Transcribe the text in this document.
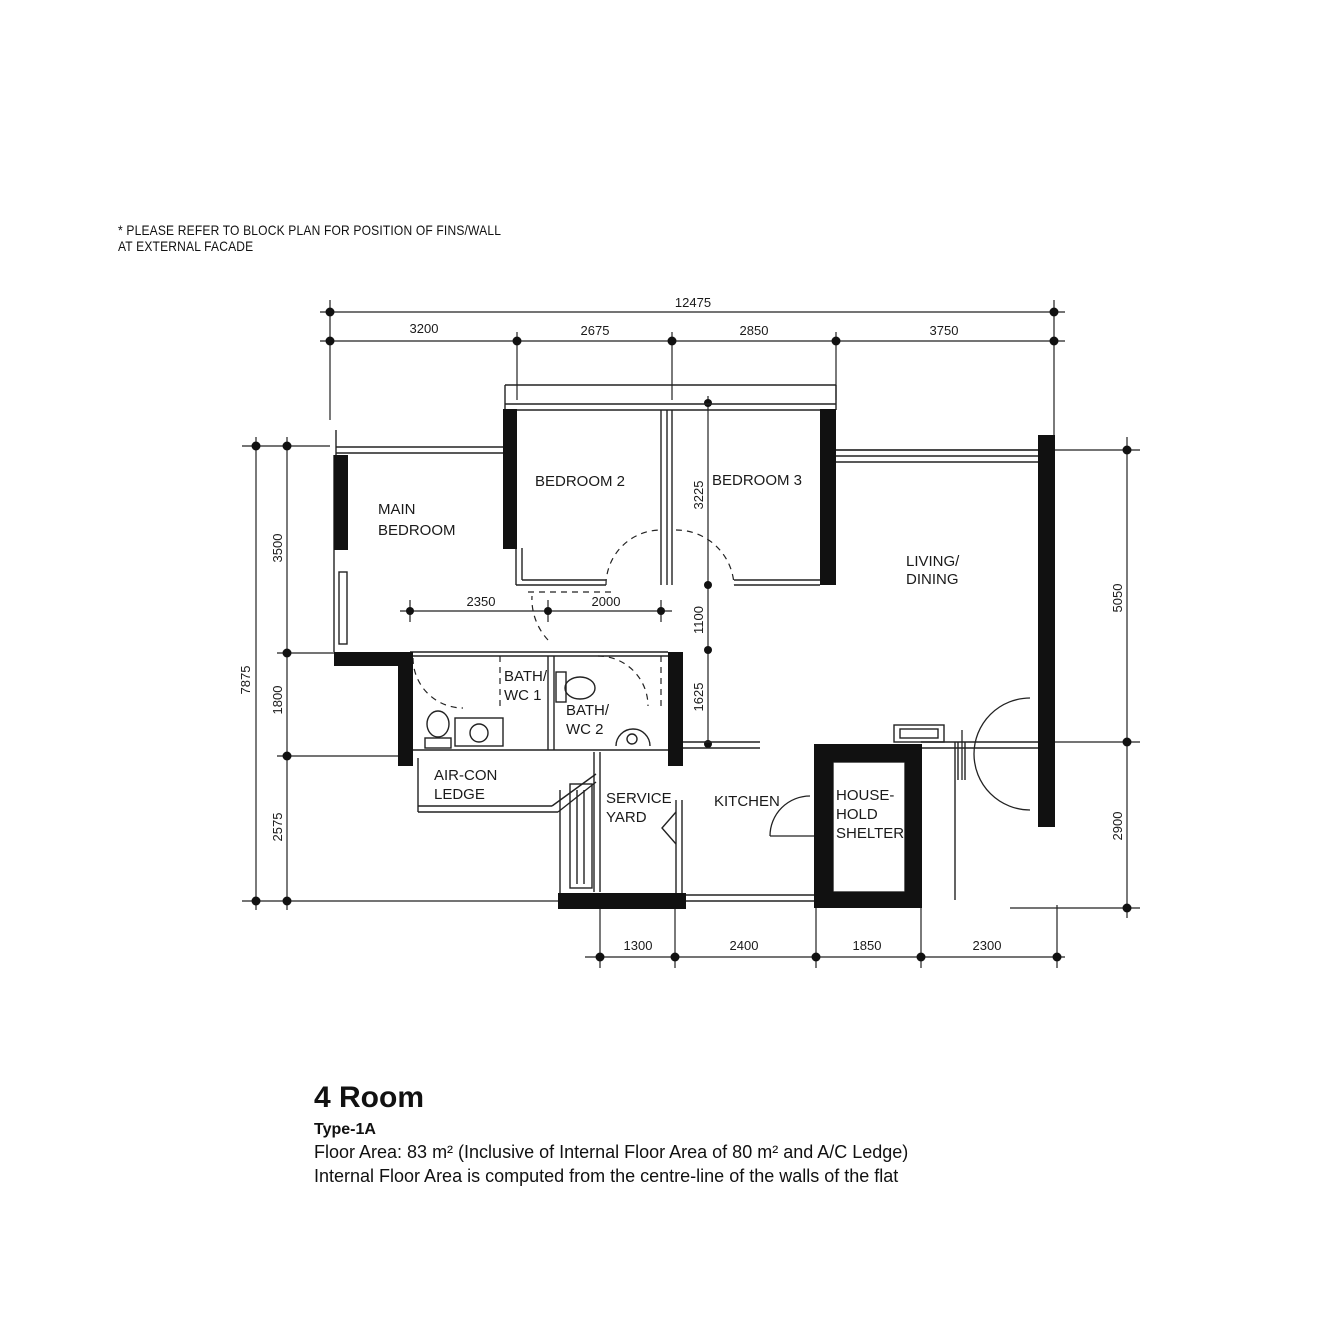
* PLEASE REFER TO BLOCK PLAN FOR POSITION OF FINS/WALL
AT EXTERNAL FACADE
MAIN
BEDROOM
BEDROOM 2	BEDROOM 3
LIVING/
DINING
BATH/
WC 1
BATH/
WC 2
AIR-CON
LEDGE	SERVICE
YARD
KITCHEN	HOUSE-
HOLD
SHELTER
12475
3200	2675	2850	3750
1300	2400	1850	2300
7875
3500
1800
2575
5050
2900
2350	2000
3225
1100
1625
4 Room
Type-1A
Floor Area: 83 m² (Inclusive of Internal Floor Area of 80 m² and A/C Ledge)
Internal Floor Area is computed from the centre-line of the walls of the flat
